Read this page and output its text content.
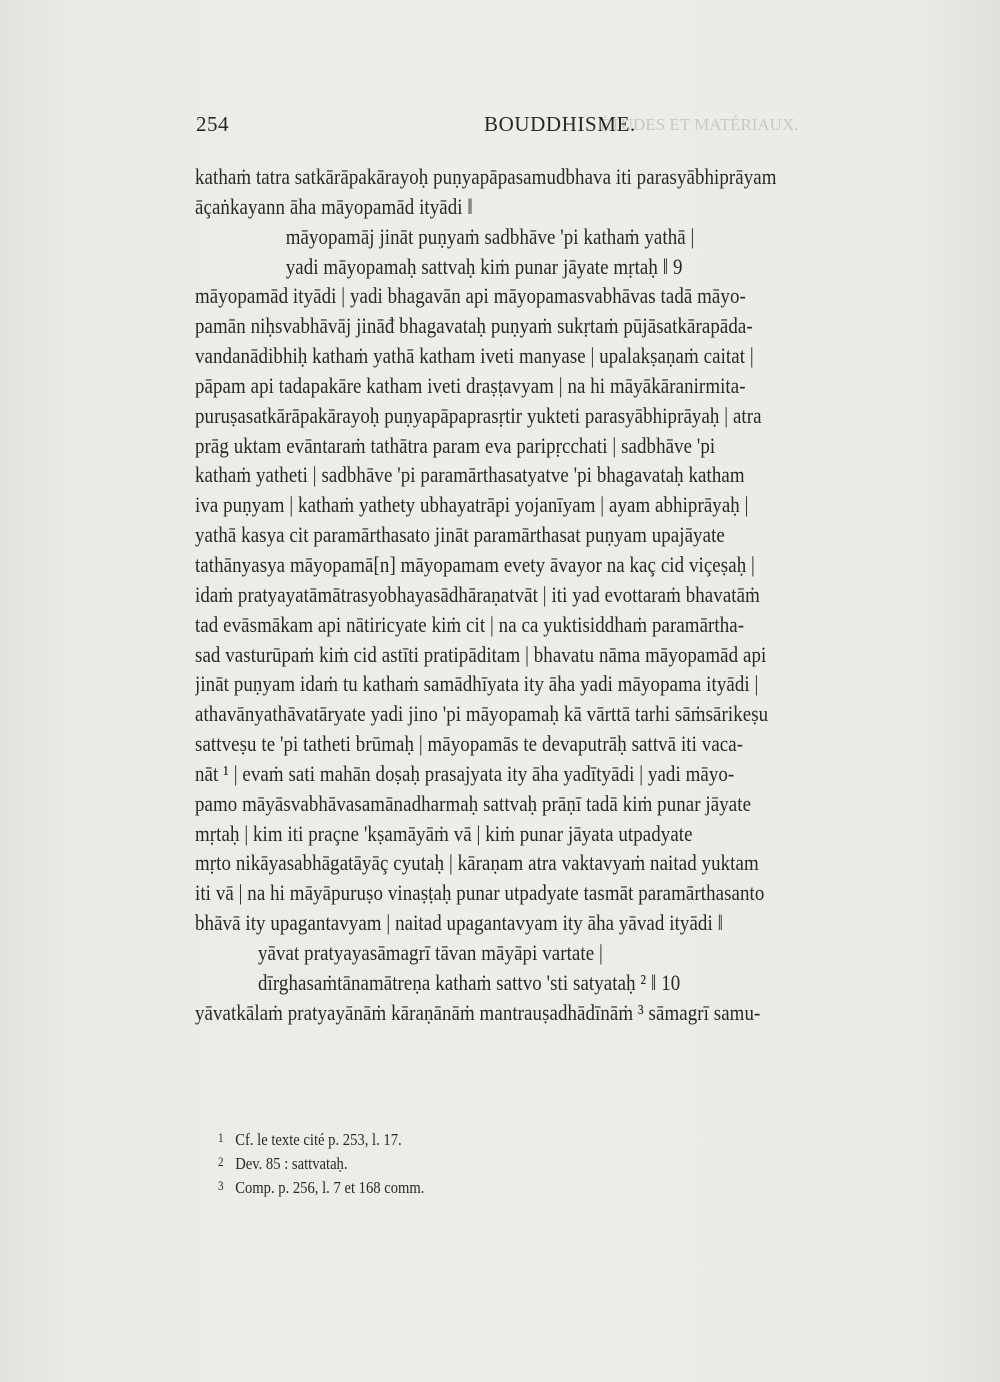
ÉTUDES ET MATÉRIAUX.
254	BOUDDHISME.
kathaṁ tatra satkārāpakārayoḥ puṇyapāpasamudbhava iti parasyābhiprāyam
āçaṅkayann āha māyopamād ityādi ‖
māyopamāj jināt puṇyaṁ sadbhāve 'pi kathaṁ yathā |
yadi māyopamaḥ sattvaḥ kiṁ punar jāyate mṛtaḥ ‖ 9
māyopamād ityādi | yadi bhagavān api māyopamasvabhāvas tadā māyo-
pamān niḥsvabhāvāj jināđ bhagavataḥ puṇyaṁ sukṛtaṁ pūjāsatkārapāda-
vandanādibhiḥ kathaṁ yathā katham iveti manyase | upalakṣaṇaṁ caitat |
pāpam api tadapakāre katham iveti draṣṭavyam | na hi māyākāranirmita-
puruṣasatkārāpakārayoḥ puṇyapāpaprasṛtir yukteti parasyābhiprāyaḥ | atra
prāg uktam evāntaraṁ tathātra param eva paripṛcchati | sadbhāve 'pi
kathaṁ yatheti | sadbhāve 'pi paramārthasatyatve 'pi bhagavataḥ katham
iva puṇyam | kathaṁ yathety ubhayatrāpi yojanīyam | ayam abhiprāyaḥ |
yathā kasya cit paramārthasato jināt paramārthasat puṇyam upajāyate
tathānyasya māyopamā[n] māyopamam evety āvayor na kaç cid viçeṣaḥ |
idaṁ pratyayatāmātrasyobhayasādhāraṇatvāt | iti yad evottaraṁ bhavatāṁ
tad evāsmākam api nātiricyate kiṁ cit | na ca yuktisiddhaṁ paramārtha-
sad vasturūpaṁ kiṁ cid astīti pratipāditam | bhavatu nāma māyopamād api
jināt puṇyam idaṁ tu kathaṁ samādhīyata ity āha yadi māyopama ityādi |
athavānyathāvatāryate yadi jino 'pi māyopamaḥ kā vārttā tarhi sāṁsārikeṣu
sattveṣu te 'pi tatheti brūmaḥ | māyopamās te devaputrāḥ sattvā iti vaca-
nāt ¹ | evaṁ sati mahān doṣaḥ prasajyata ity āha yadītyādi | yadi māyo-
pamo māyāsvabhāvasamānadharmaḥ sattvaḥ prāṇī tadā kiṁ punar jāyate
mṛtaḥ | kim iti praçne 'kṣamāyāṁ vā | kiṁ punar jāyata utpadyate
mṛto nikāyasabhāgatāyāç cyutaḥ | kāraṇam atra vaktavyaṁ naitad yuktam
iti vā | na hi māyāpuruṣo vinaṣṭaḥ punar utpadyate tasmāt paramārthasanto
bhāvā ity upagantavyam | naitad upagantavyam ity āha yāvad ityādi ‖
yāvat pratyayasāmagrī tāvan māyāpi vartate |
dīrghasaṁtānamātreṇa kathaṁ sattvo 'sti satyataḥ ² ‖ 10
yāvatkālaṁ pratyayānāṁ kāraṇānāṁ mantrauṣadhādīnāṁ ³ sāmagrī samu-
1 Cf. le texte cité p. 253, l. 17.
2 Dev. 85 : sattvataḥ.
3 Comp. p. 256, l. 7 et 168 comm.
